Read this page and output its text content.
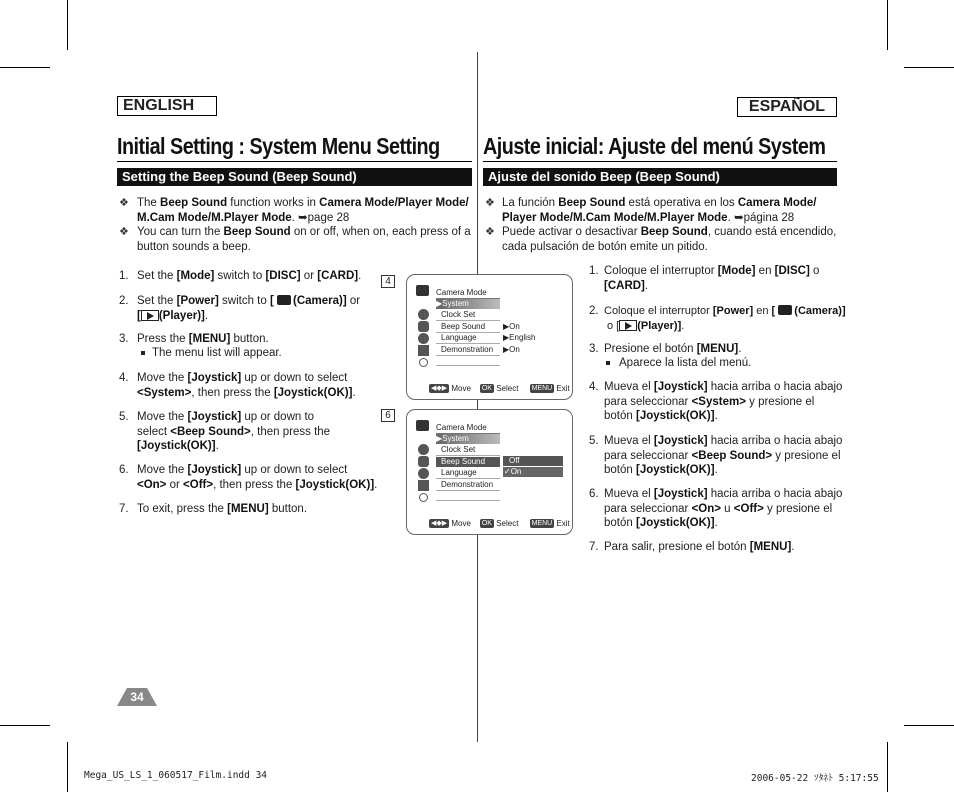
ENGLISH	ESPAÑOL
Initial Setting : System Menu Setting Ajuste inicial: Ajuste del menú System
Setting the Beep Sound (Beep Sound)	Ajuste del sonido Beep (Beep Sound)
❖ The Beep Sound function works in Camera Mode/Player Mode/
M.Cam Mode/M.Player Mode. ➥page 28
❖ You can turn the Beep Sound on or off, when on, each press of a
button sounds a beep.
1. Set the [Mode] switch to [DISC] or [CARD].
2. Set the [Power] switch to [ (Camera)] or
[ (Player)].
3. Press the [MENU] button.
The menu list will appear.
4. Move the [Joystick] up or down to select
<System>, then press the [Joystick(OK)].
5. Move the [Joystick] up or down to
select <Beep Sound>, then press the
[Joystick(OK)].
6. Move the [Joystick] up or down to select
<On> or <Off>, then press the [Joystick(OK)].
7. To exit, press the [MENU] button.
4
6
Camera Mode
▶System
Clock Set
Beep Sound
Language
Demonstration
▶On
▶English
▶On
◀◆▶ Move OK Select MENU Exit
Camera Mode
▶System
Clock Set
Beep Sound
Language
Demonstration
Off
✓On
◀◆▶ Move OK Select MENU Exit
❖ La función Beep Sound está operativa en los Camera Mode/
Player Mode/M.Cam Mode/M.Player Mode. ➥página 28
❖ Puede activar o desactivar Beep Sound, cuando está encendido,
cada pulsación de botón emite un pitido.
1. Coloque el interruptor [Mode] en [DISC] o
[CARD].
2. Coloque el interruptor [Power] en [ (Camera)]
o [ (Player)].
3. Presione el botón [MENU].
Aparece la lista del menú.
4. Mueva el [Joystick] hacia arriba o hacia abajo
para seleccionar <System> y presione el
botón [Joystick(OK)].
5. Mueva el [Joystick] hacia arriba o hacia abajo
para seleccionar <Beep Sound> y presione el
botón [Joystick(OK)].
6. Mueva el [Joystick] hacia arriba o hacia abajo
para seleccionar <On> u <Off> y presione el
botón [Joystick(OK)].
7. Para salir, presione el botón [MENU].
34
Mega_US_LS_1_060517_Film.indd 34	2006-05-22 ｿﾀﾈﾄ 5:17:55
